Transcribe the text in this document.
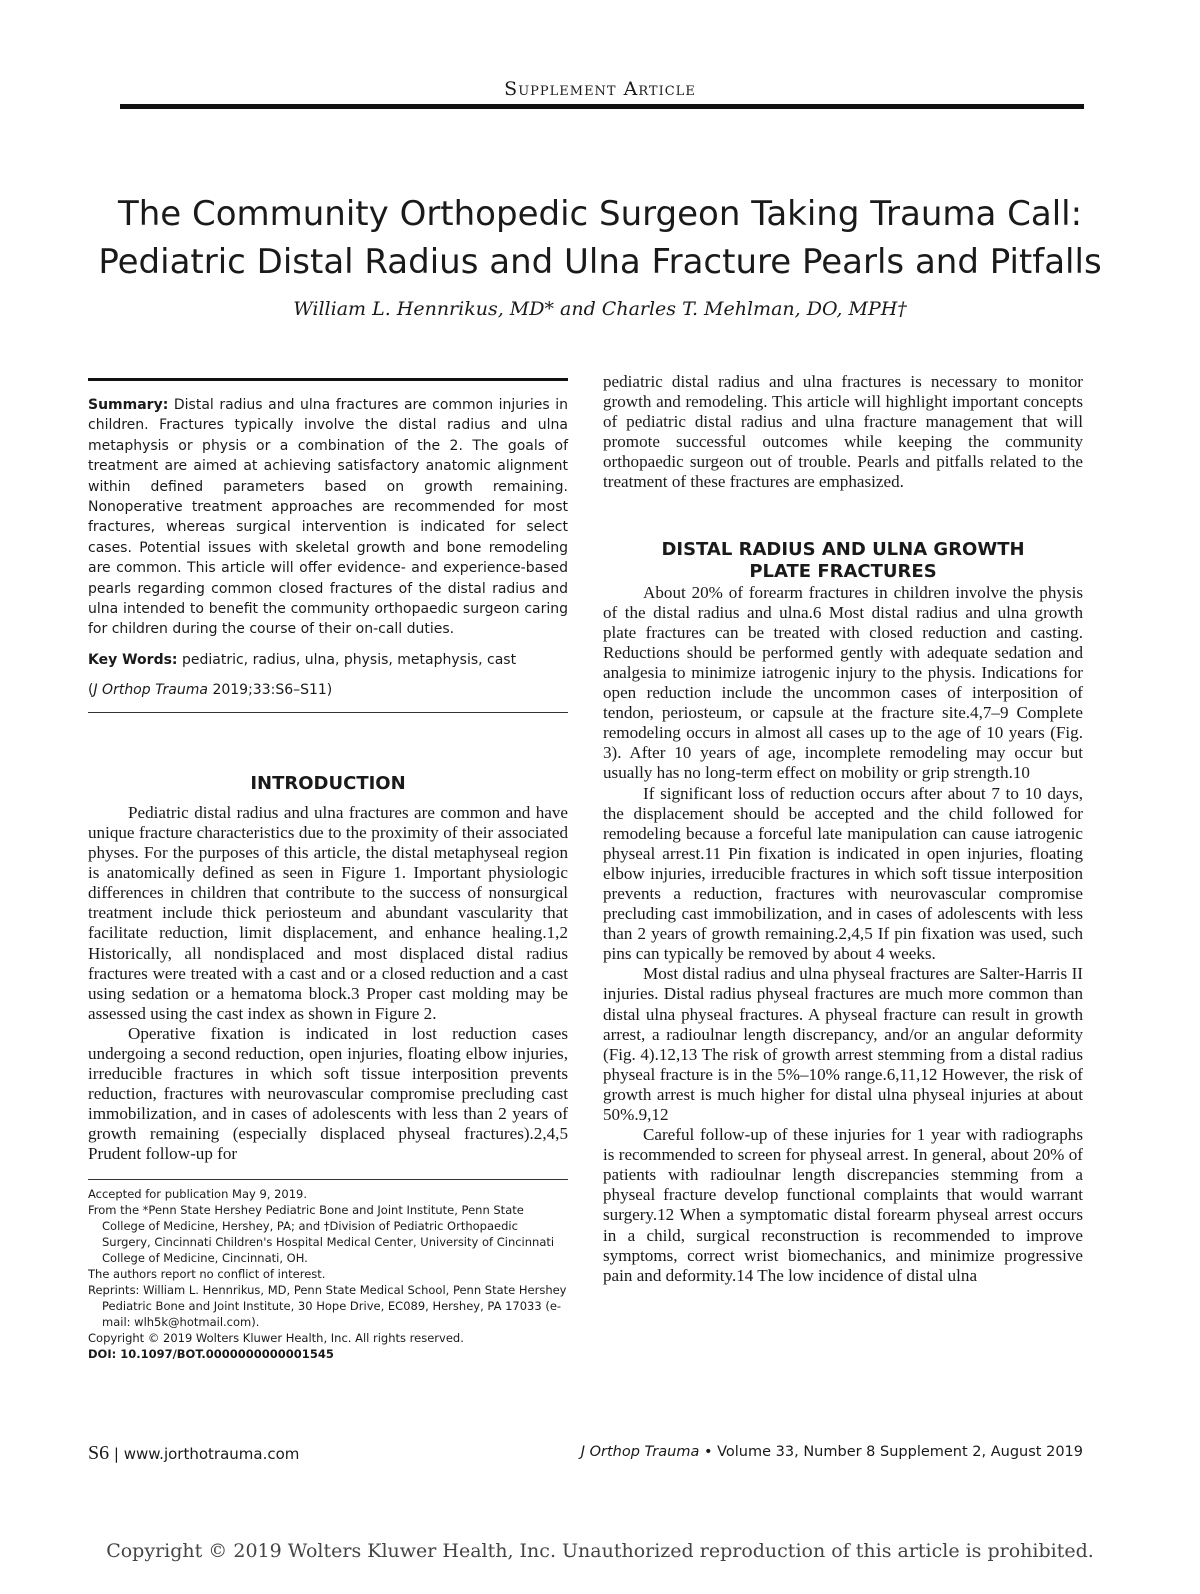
Supplement Article
The Community Orthopedic Surgeon Taking Trauma Call:
Pediatric Distal Radius and Ulna Fracture Pearls and Pitfalls
William L. Hennrikus, MD* and Charles T. Mehlman, DO, MPH†
Summary: Distal radius and ulna fractures are common injuries in children. Fractures typically involve the distal radius and ulna metaphysis or physis or a combination of the 2. The goals of treatment are aimed at achieving satisfactory anatomic alignment within defined parameters based on growth remaining. Nonoperative treatment approaches are recommended for most fractures, whereas surgical intervention is indicated for select cases. Potential issues with skeletal growth and bone remodeling are common. This article will offer evidence- and experience-based pearls regarding common closed fractures of the distal radius and ulna intended to benefit the community orthopaedic surgeon caring for children during the course of their on-call duties.
Key Words: pediatric, radius, ulna, physis, metaphysis, cast
(J Orthop Trauma 2019;33:S6–S11)
INTRODUCTION

Pediatric distal radius and ulna fractures are common and have unique fracture characteristics due to the proximity of their associated physes. For the purposes of this article, the distal metaphyseal region is anatomically defined as seen in Figure 1. Important physiologic differences in children that contribute to the success of nonsurgical treatment include thick periosteum and abundant vascularity that facilitate reduction, limit displacement, and enhance healing.1,2 Historically, all nondisplaced and most displaced distal radius fractures were treated with a cast and or a closed reduction and a cast using sedation or a hematoma block.3 Proper cast molding may be assessed using the cast index as shown in Figure 2.

Operative fixation is indicated in lost reduction cases undergoing a second reduction, open injuries, floating elbow injuries, irreducible fractures in which soft tissue interposition prevents reduction, fractures with neurovascular compromise precluding cast immobilization, and in cases of adolescents with less than 2 years of growth remaining (especially displaced physeal fractures).2,4,5 Prudent follow-up for

Accepted for publication May 9, 2019.

From the *Penn State Hershey Pediatric Bone and Joint Institute, Penn State College of Medicine, Hershey, PA; and †Division of Pediatric Orthopaedic Surgery, Cincinnati Children's Hospital Medical Center, University of Cincinnati College of Medicine, Cincinnati, OH.

The authors report no conflict of interest.

Reprints: William L. Hennrikus, MD, Penn State Medical School, Penn State Hershey Pediatric Bone and Joint Institute, 30 Hope Drive, EC089, Hershey, PA 17033 (e-mail: wlh5k@hotmail.com).

Copyright © 2019 Wolters Kluwer Health, Inc. All rights reserved.

DOI: 10.1097/BOT.0000000000001545

pediatric distal radius and ulna fractures is necessary to monitor growth and remodeling. This article will highlight important concepts of pediatric distal radius and ulna fracture management that will promote successful outcomes while keeping the community orthopaedic surgeon out of trouble. Pearls and pitfalls related to the treatment of these fractures are emphasized.

DISTAL RADIUS AND ULNA GROWTH
PLATE FRACTURES

About 20% of forearm fractures in children involve the physis of the distal radius and ulna.6 Most distal radius and ulna growth plate fractures can be treated with closed reduction and casting. Reductions should be performed gently with adequate sedation and analgesia to minimize iatrogenic injury to the physis. Indications for open reduction include the uncommon cases of interposition of tendon, periosteum, or capsule at the fracture site.4,7–9 Complete remodeling occurs in almost all cases up to the age of 10 years (Fig. 3). After 10 years of age, incomplete remodeling may occur but usually has no long-term effect on mobility or grip strength.10

If significant loss of reduction occurs after about 7 to 10 days, the displacement should be accepted and the child followed for remodeling because a forceful late manipulation can cause iatrogenic physeal arrest.11 Pin fixation is indicated in open injuries, floating elbow injuries, irreducible fractures in which soft tissue interposition prevents a reduction, fractures with neurovascular compromise precluding cast immobilization, and in cases of adolescents with less than 2 years of growth remaining.2,4,5 If pin fixation was used, such pins can typically be removed by about 4 weeks.

Most distal radius and ulna physeal fractures are Salter-Harris II injuries. Distal radius physeal fractures are much more common than distal ulna physeal fractures. A physeal fracture can result in growth arrest, a radioulnar length discrepancy, and/or an angular deformity (Fig. 4).12,13 The risk of growth arrest stemming from a distal radius physeal fracture is in the 5%–10% range.6,11,12 However, the risk of growth arrest is much higher for distal ulna physeal injuries at about 50%.9,12

Careful follow-up of these injuries for 1 year with radiographs is recommended to screen for physeal arrest. In general, about 20% of patients with radioulnar length discrepancies stemming from a physeal fracture develop functional complaints that would warrant surgery.12 When a symptomatic distal forearm physeal arrest occurs in a child, surgical reconstruction is recommended to improve symptoms, correct wrist biomechanics, and minimize progressive pain and deformity.14 The low incidence of distal ulna

S6 | www.jorthotrauma.com	J Orthop Trauma • Volume 33, Number 8 Supplement 2, August 2019
Copyright © 2019 Wolters Kluwer Health, Inc. Unauthorized reproduction of this article is prohibited.
